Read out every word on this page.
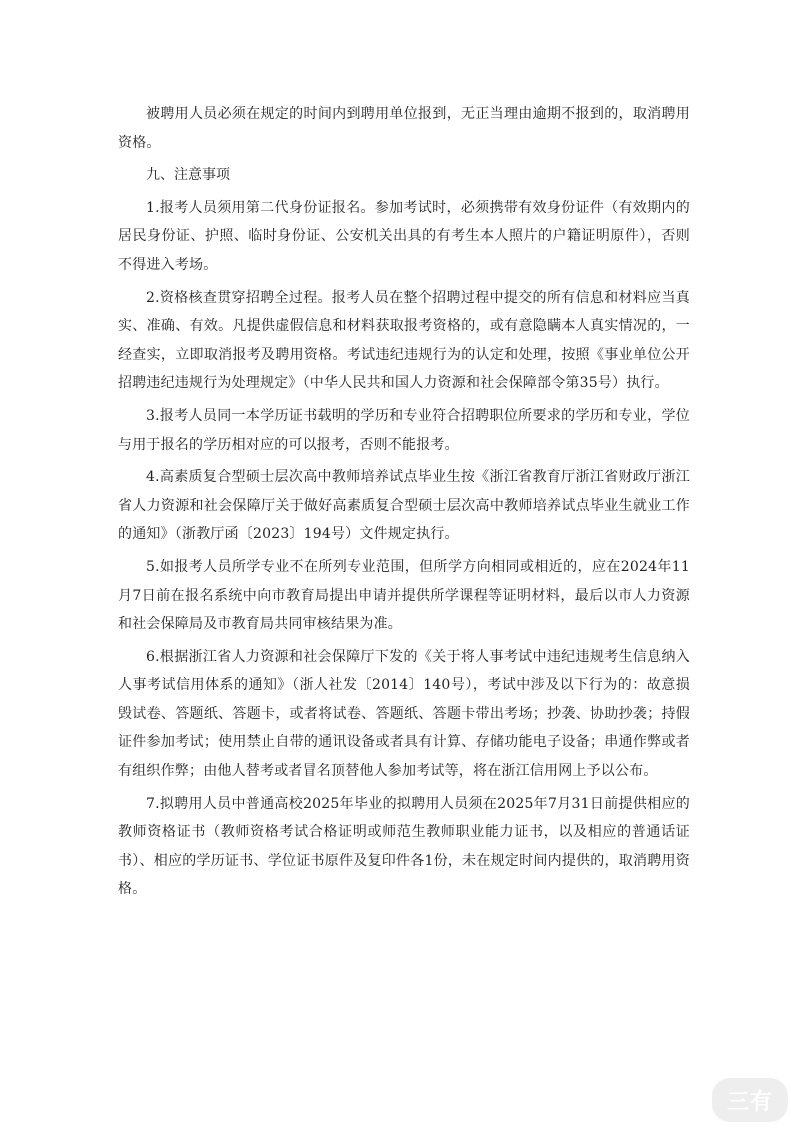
被聘用人员必须在规定的时间内到聘用单位报到，无正当理由逾期不报到的，取消聘用资格。

九、注意事项

1.报考人员须用第二代身份证报名。参加考试时，必须携带有效身份证件（有效期内的居民身份证、护照、临时身份证、公安机关出具的有考生本人照片的户籍证明原件），否则不得进入考场。

2.资格核查贯穿招聘全过程。报考人员在整个招聘过程中提交的所有信息和材料应当真实、准确、有效。凡提供虚假信息和材料获取报考资格的，或有意隐瞒本人真实情况的，一经查实，立即取消报考及聘用资格。考试违纪违规行为的认定和处理，按照《事业单位公开招聘违纪违规行为处理规定》（中华人民共和国人力资源和社会保障部令第35号）执行。

3.报考人员同一本学历证书载明的学历和专业符合招聘职位所要求的学历和专业，学位与用于报名的学历相对应的可以报考，否则不能报考。

4.高素质复合型硕士层次高中教师培养试点毕业生按《浙江省教育厅浙江省财政厅浙江省人力资源和社会保障厅关于做好高素质复合型硕士层次高中教师培养试点毕业生就业工作的通知》（浙教厅函〔2023〕194号）文件规定执行。

5.如报考人员所学专业不在所列专业范围，但所学方向相同或相近的，应在2024年11月7日前在报名系统中向市教育局提出申请并提供所学课程等证明材料，最后以市人力资源和社会保障局及市教育局共同审核结果为准。

6.根据浙江省人力资源和社会保障厅下发的《关于将人事考试中违纪违规考生信息纳入人事考试信用体系的通知》（浙人社发〔2014〕140号），考试中涉及以下行为的：故意损毁试卷、答题纸、答题卡，或者将试卷、答题纸、答题卡带出考场；抄袭、协助抄袭；持假证件参加考试；使用禁止自带的通讯设备或者具有计算、存储功能电子设备；串通作弊或者有组织作弊；由他人替考或者冒名顶替他人参加考试等，将在浙江信用网上予以公布。

7.拟聘用人员中普通高校2025年毕业的拟聘用人员须在2025年7月31日前提供相应的教师资格证书（教师资格考试合格证明或师范生教师职业能力证书，以及相应的普通话证书）、相应的学历证书、学位证书原件及复印件各1份，未在规定时间内提供的，取消聘用资格。

三有
